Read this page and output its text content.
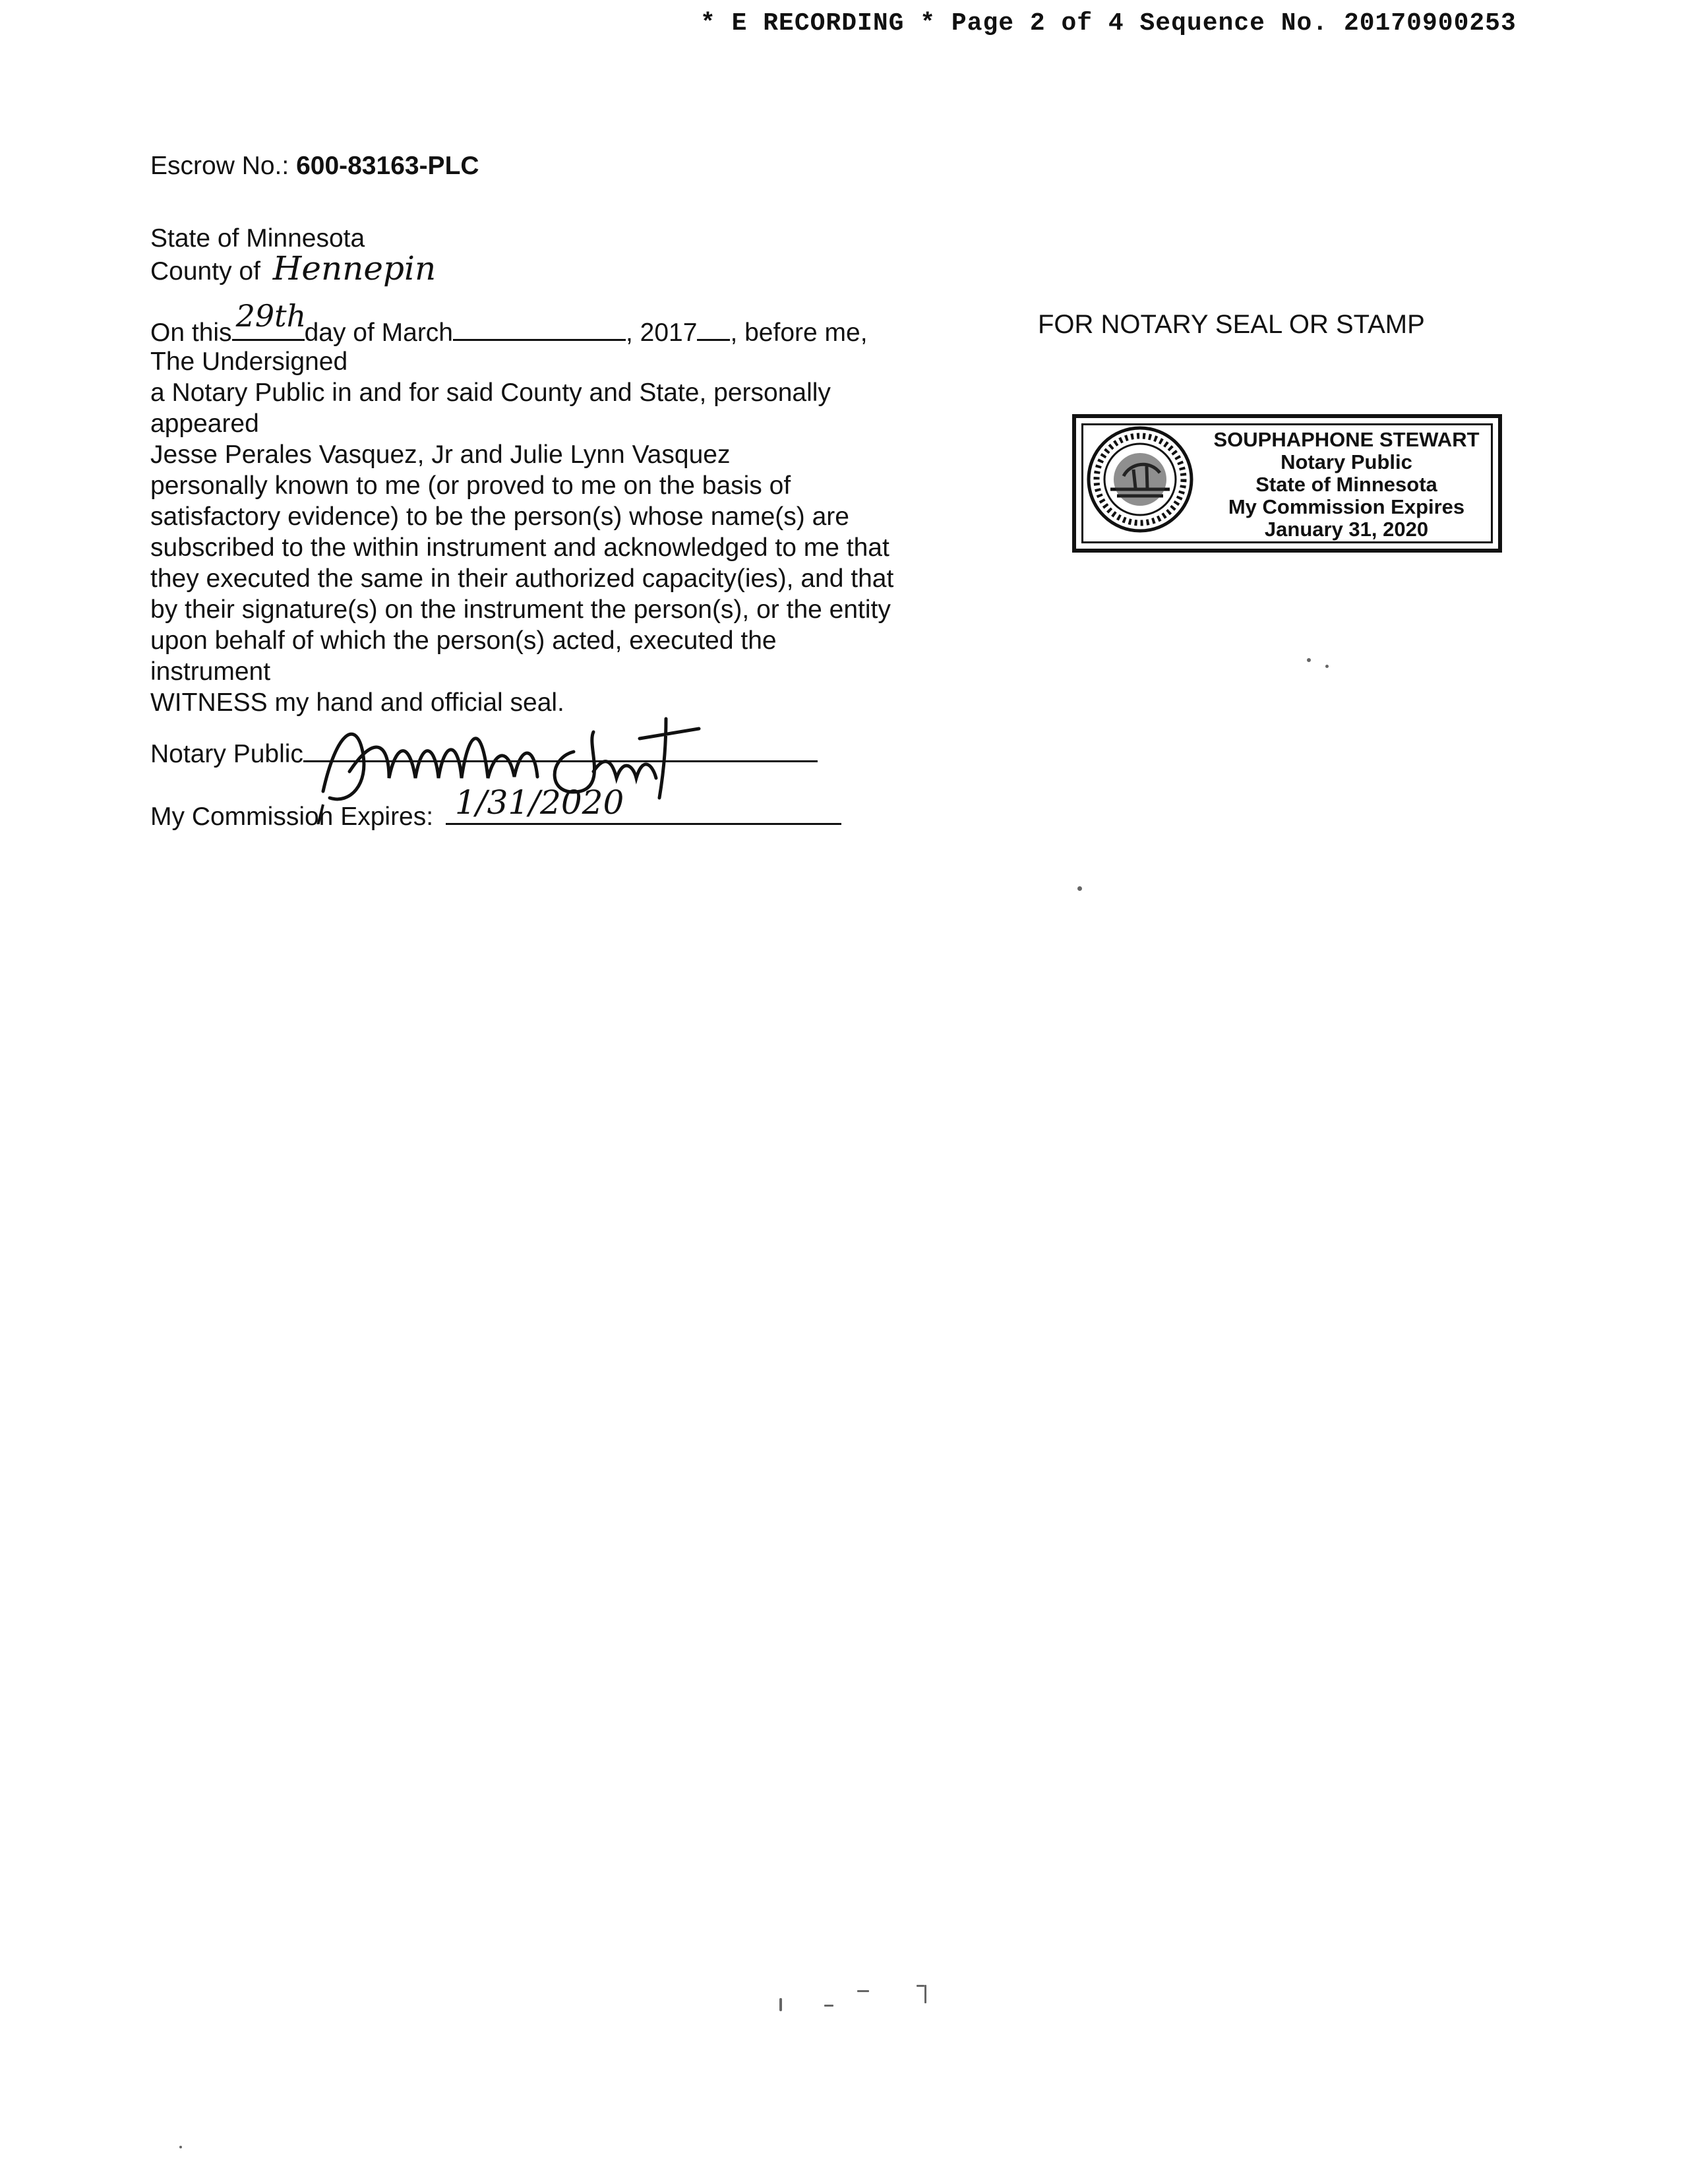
* E RECORDING * Page 2 of 4 Sequence No. 20170900253
Escrow No.: 600-83163-PLC
State of Minnesota
County of Hennepin
On this 29th
day of March	, 2017 , before me,
The Undersigned
a Notary Public in and for said County and State, personally
appeared
Jesse Perales Vasquez, Jr and Julie Lynn Vasquez
personally known to me (or proved to me on the basis of
satisfactory evidence) to be the person(s) whose name(s) are
subscribed to the within instrument and acknowledged to me that
they executed the same in their authorized capacity(ies), and that
by their signature(s) on the instrument the person(s), or the entity
upon behalf of which the person(s) acted, executed the
instrument
WITNESS my hand and official seal.
Notary Public
My Commission Expires: 1/31/2020
FOR NOTARY SEAL OR STAMP
SOUPHAPHONE STEWART
Notary Public
State of Minnesota
My Commission Expires
January 31, 2020
